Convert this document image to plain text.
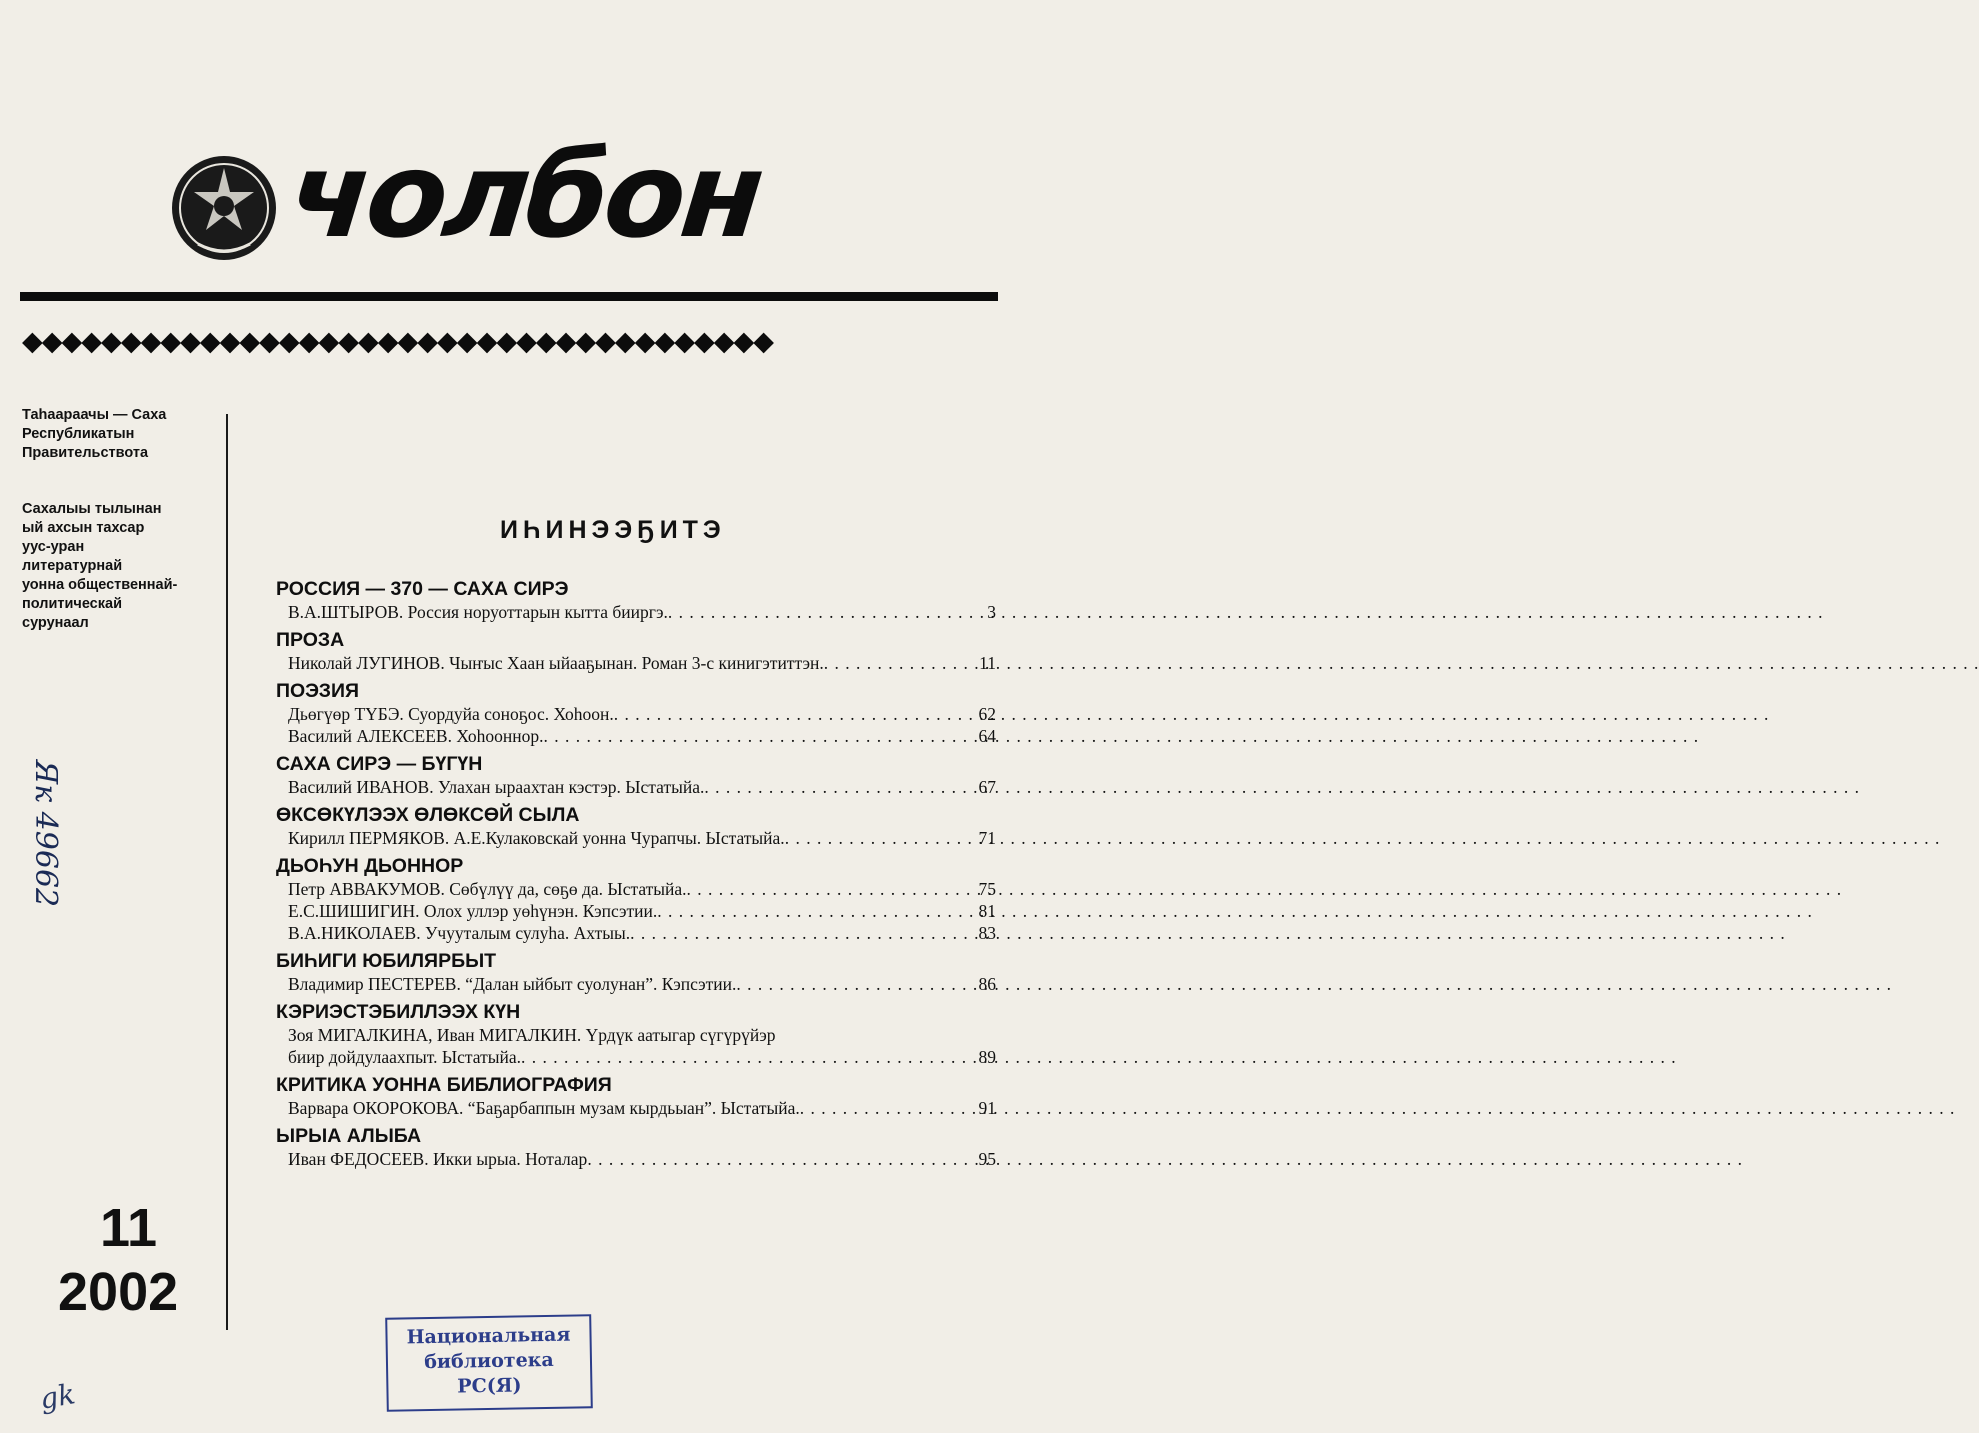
чолбон
◆◆◆◆◆◆◆◆◆◆◆◆◆◆◆◆◆◆◆◆◆◆◆◆◆◆◆◆◆◆◆◆◆◆◆◆◆◆
Таһаараачы — Саха
Республикатын
Правительствота
Сахалыы тылынан
ый ахсын тахсар
уус-уран
литературнай
уонна общественнай-
политическай
сурунаал
Як 49662
gk
11
2002
ИҺИНЭЭҔИТЭ
РОССИЯ — 370 — САХА СИРЭ
В.А.ШТЫРОВ. Россия норуоттарын кытта бииргэ. . . .	3
ПРОЗА
Николай ЛУГИНОВ. Чыҥыс Хаан ыйааҕынан. Роман 3-с кинигэтиттэн. . . .	11
ПОЭЗИЯ
Дьөгүөр ТҮБЭ. Суордуйа соноҕос. Хоһоон. . . .	62
Василий АЛЕКСЕЕВ. Хоһооннор. . . .	64
САХА СИРЭ — БҮГҮН
Василий ИВАНОВ. Улахан ыраахтан кэстэр. Ыстатыйа. . . .	67
ӨКСӨКҮЛЭЭХ ӨЛӨКСӨЙ СЫЛА
Кирилл ПЕРМЯКОВ. А.Е.Кулаковскай уонна Чурапчы. Ыстатыйа. . . .	71
ДЬОҺУН ДЬОННОР
Петр АВВАКУМОВ. Сөбүлүү да, сөҕө да. Ыстатыйа. . . .	75
Е.С.ШИШИГИН. Олох уллэр уөһүнэн. Кэпсэтии. . . .	81
В.А.НИКОЛАЕВ. Учууталым сулуһа. Ахтыы. . . .	83
БИҺИГИ ЮБИЛЯРБЫТ
Владимир ПЕСТЕРЕВ. “Далан ыйбыт суолунан”. Кэпсэтии. . . .	86
КЭРИЭСТЭБИЛЛЭЭХ КҮН
Зоя МИГАЛКИНА, Иван МИГАЛКИН. Үрдүк аатыгар сүгүрүйэр
биир дойдулаахпыт. Ыстатыйа. . . .	89
КРИТИКА УОННА БИБЛИОГРАФИЯ
Варвара ОКОРОКОВА. “Баҕарбаппын музам кырдьыан”. Ыстатыйа. . . .	91
ЫРЫА АЛЫБА
Иван ФЕДОСЕЕВ. Икки ырыа. Ноталар . . .	95
Национальная
библиотека
РС(Я)
